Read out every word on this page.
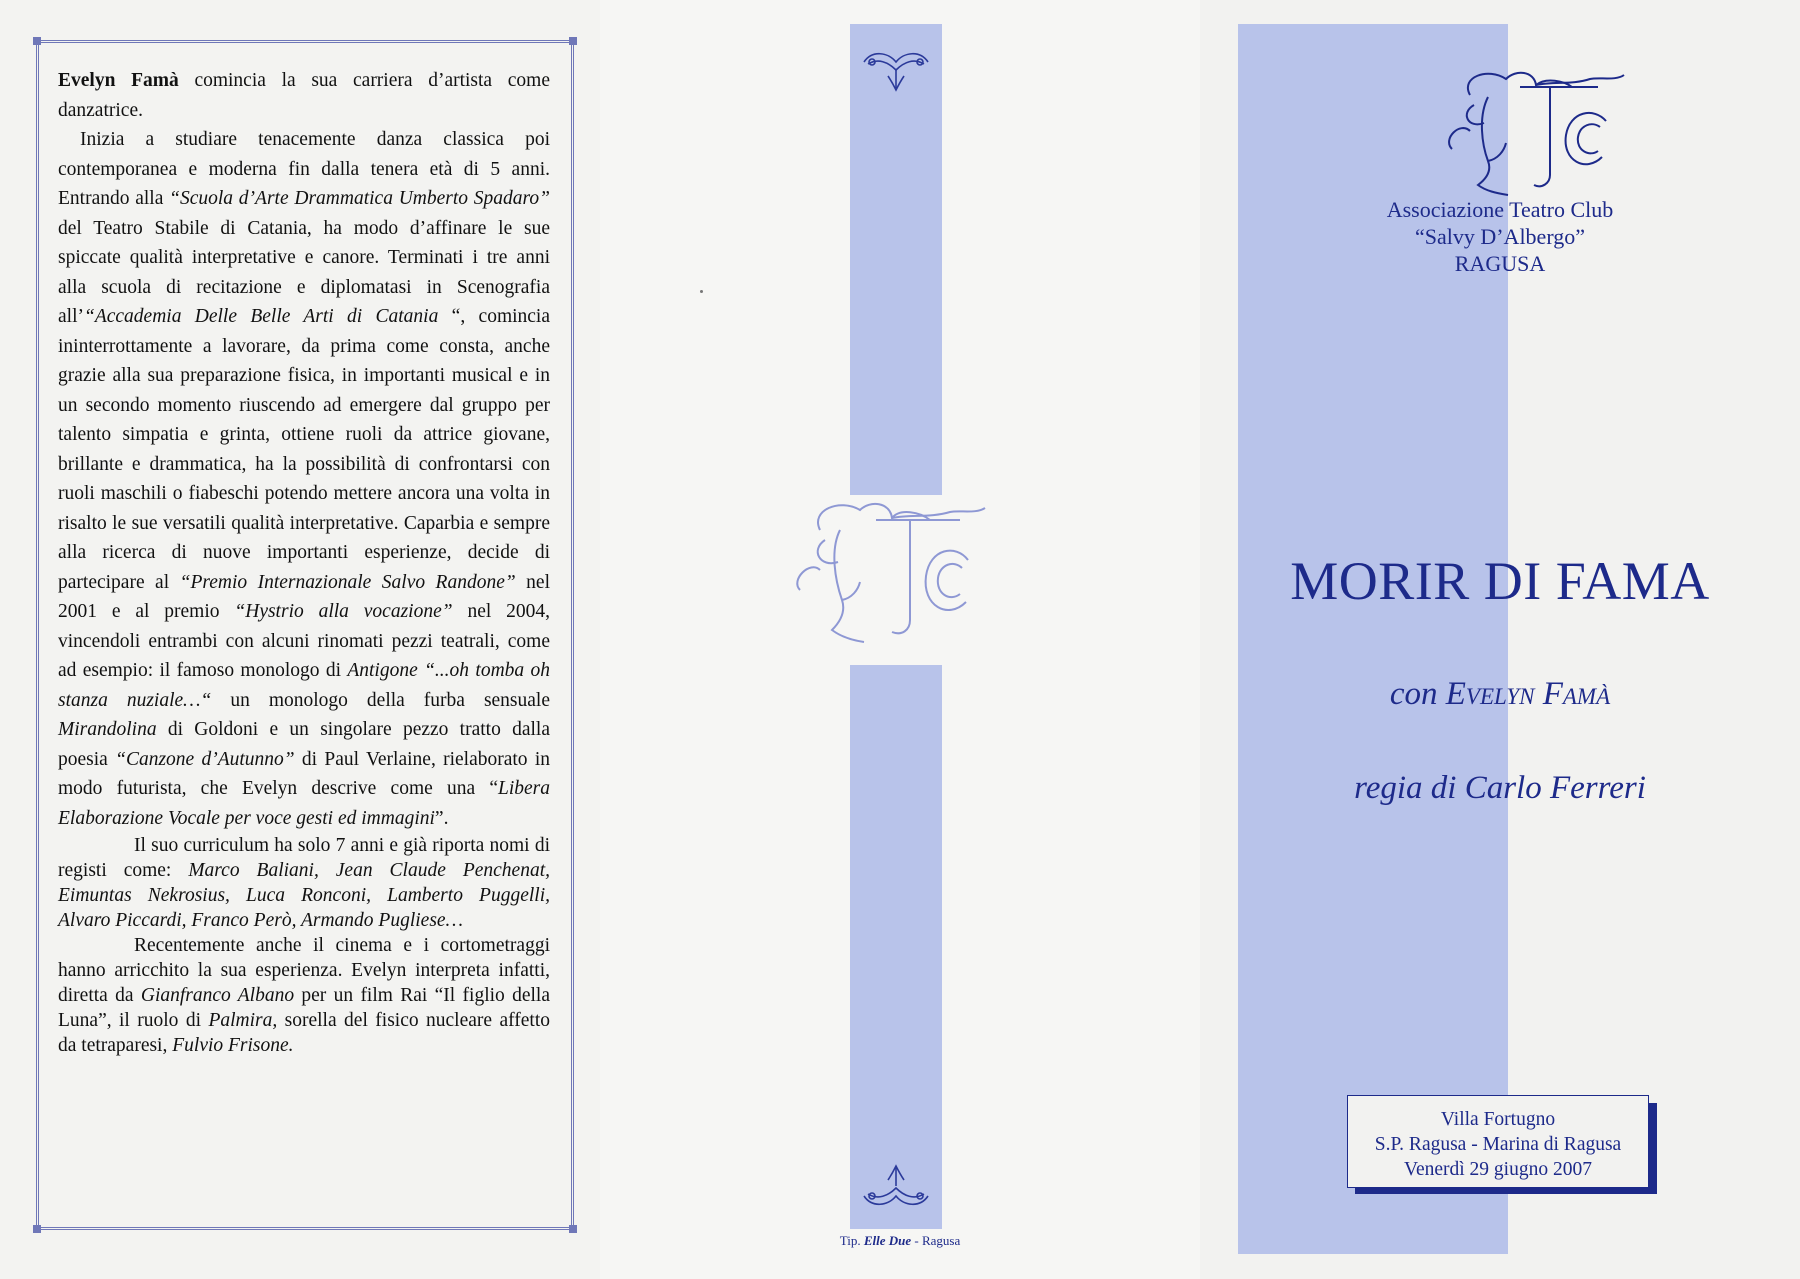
Evelyn Famà comincia la sua carriera d’artista come danzatrice.

Inizia a studiare tenacemente danza classica poi contemporanea e moderna fin dalla tenera età di 5 anni. Entrando alla “Scuola d’Arte Drammatica Umberto Spadaro” del Teatro Stabile di Catania, ha modo d’affinare le sue spiccate qualità interpretative e canore. Terminati i tre anni alla scuola di recitazione e diplomatasi in Scenografia all’“Accademia Delle Belle Arti di Catania “, comincia ininterrottamente a lavorare, da prima come consta, anche grazie alla sua preparazione fisica, in importanti musical e in un secondo momento riuscendo ad emergere dal gruppo per talento simpatia e grinta, ottiene ruoli da attrice giovane, brillante e drammatica, ha la possibilità di confrontarsi con ruoli maschili o fiabeschi potendo mettere ancora una volta in risalto le sue versatili qualità interpretative. Caparbia e sempre alla ricerca di nuove importanti esperienze, decide di partecipare al “Premio Internazionale Salvo Randone” nel 2001 e al premio “Hystrio alla vocazione” nel 2004, vincendoli entrambi con alcuni rinomati pezzi teatrali, come ad esempio: il famoso monologo di Antigone “...oh tomba oh stanza nuziale…“ un monologo della furba sensuale Mirandolina di Goldoni e un singolare pezzo tratto dalla poesia “Canzone d’Autunno” di Paul Verlaine, rielaborato in modo futurista, che Evelyn descrive come una “Libera Elaborazione Vocale per voce gesti ed immagini”.

Il suo curriculum ha solo 7 anni e già riporta nomi di registi come: Marco Baliani, Jean Claude Penchenat, Eimuntas Nekrosius, Luca Ronconi, Lamberto Puggelli, Alvaro Piccardi, Franco Però, Armando Pugliese…

Recentemente anche il cinema e i cortometraggi hanno arricchito la sua esperienza. Evelyn interpreta infatti, diretta da Gianfranco Albano per un film Rai “Il figlio della Luna”, il ruolo di Palmira, sorella del fisico nucleare affetto da tetraparesi, Fulvio Frisone.

Tip. Elle Due - Ragusa
Associazione Teatro Club
“Salvy D’Albergo”
RAGUSA
MORIR DI FAMA
con Evelyn Famà
regia di Carlo Ferreri
Villa Fortugno
S.P. Ragusa - Marina di Ragusa
Venerdì 29 giugno 2007
